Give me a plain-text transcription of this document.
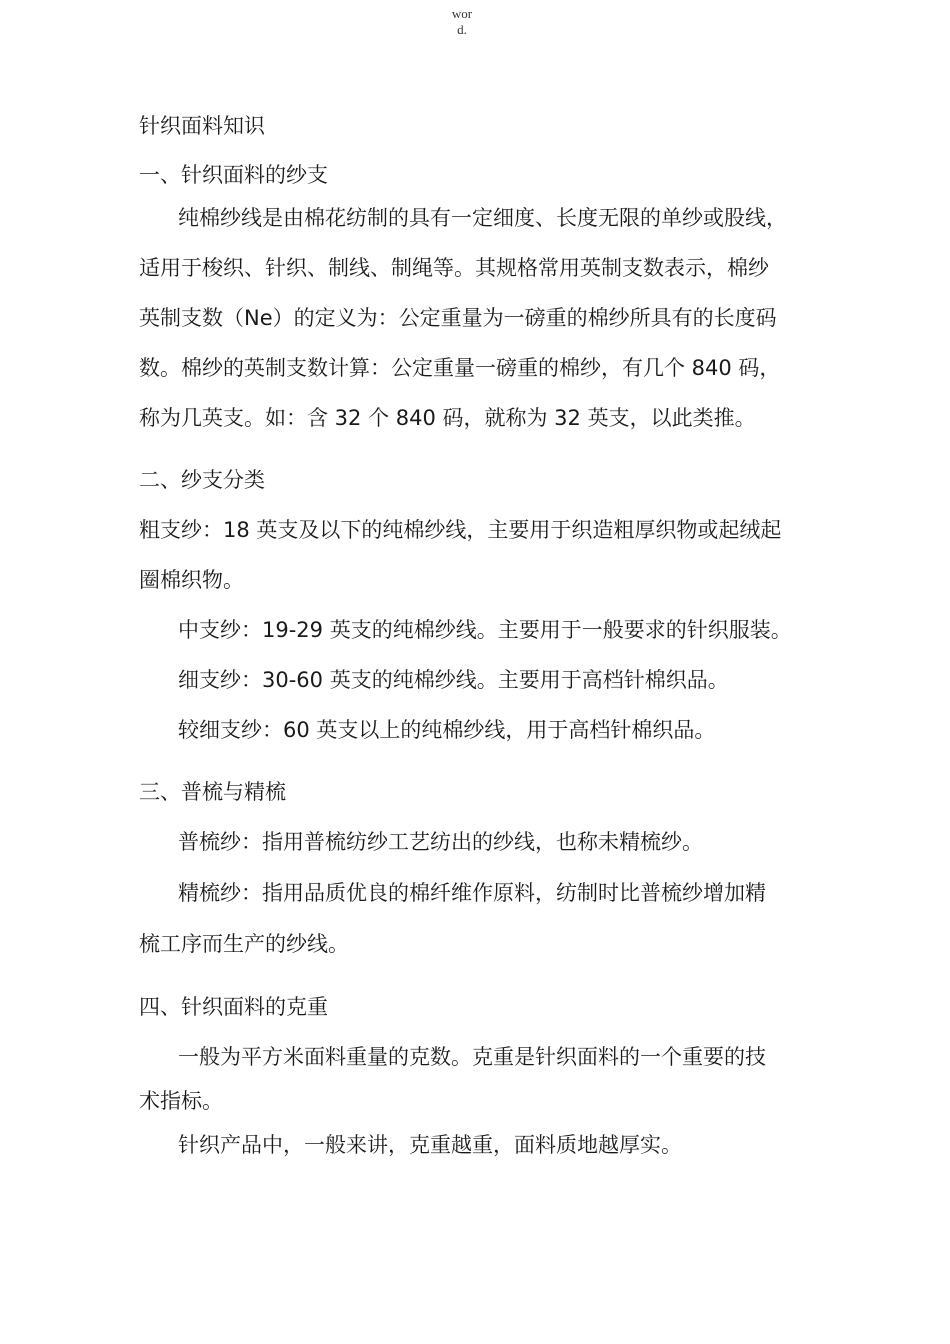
wor
d.

针织面料知识

一、针织面料的纱支

纯棉纱线是由棉花纺制的具有一定细度、长度无限的单纱或股线，

适用于梭织、针织、制线、制绳等。其规格常用英制支数表示，棉纱

英制支数（Ne）的定义为：公定重量为一磅重的棉纱所具有的长度码

数。棉纱的英制支数计算：公定重量一磅重的棉纱，有几个 840 码，

称为几英支。如：含 32 个 840 码，就称为 32 英支，以此类推。

二、纱支分类

粗支纱：18 英支及以下的纯棉纱线，主要用于织造粗厚织物或起绒起

圈棉织物。

中支纱：19-29 英支的纯棉纱线。主要用于一般要求的针织服装。

细支纱：30-60 英支的纯棉纱线。主要用于高档针棉织品。

较细支纱：60 英支以上的纯棉纱线，用于高档针棉织品。

三、普梳与精梳

普梳纱：指用普梳纺纱工艺纺出的纱线，也称未精梳纱。

精梳纱：指用品质优良的棉纤维作原料，纺制时比普梳纱增加精

梳工序而生产的纱线。

四、针织面料的克重

一般为平方米面料重量的克数。克重是针织面料的一个重要的技

术指标。

针织产品中，一般来讲，克重越重，面料质地越厚实。
